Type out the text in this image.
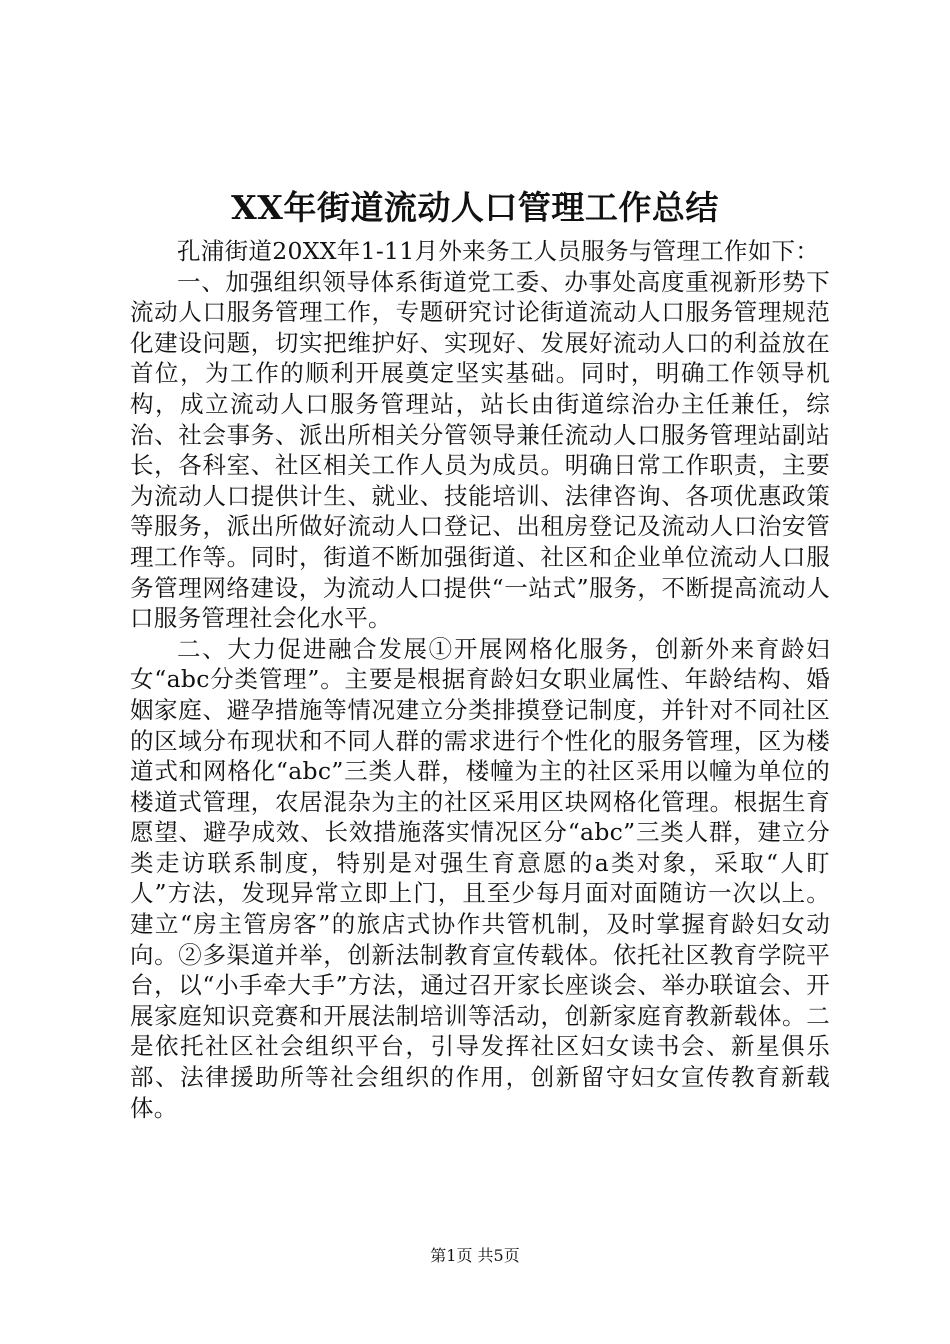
XX年街道流动人口管理工作总结

孔浦街道20XX年1-11月外来务工人员服务与管理工作如下：

一、加强组织领导体系街道党工委、办事处高度重视新形势下流动人口服务管理工作，专题研究讨论街道流动人口服务管理规范化建设问题，切实把维护好、实现好、发展好流动人口的利益放在首位，为工作的顺利开展奠定坚实基础。同时，明确工作领导机构，成立流动人口服务管理站，站长由街道综治办主任兼任，综治、社会事务、派出所相关分管领导兼任流动人口服务管理站副站长，各科室、社区相关工作人员为成员。明确日常工作职责，主要为流动人口提供计生、就业、技能培训、法律咨询、各项优惠政策等服务，派出所做好流动人口登记、出租房登记及流动人口治安管理工作等。同时，街道不断加强街道、社区和企业单位流动人口服务管理网络建设，为流动人口提供“一站式”服务，不断提高流动人口服务管理社会化水平。

二、大力促进融合发展①开展网格化服务，创新外来育龄妇女“abc分类管理”。主要是根据育龄妇女职业属性、年龄结构、婚姻家庭、避孕措施等情况建立分类排摸登记制度，并针对不同社区的区域分布现状和不同人群的需求进行个性化的服务管理，区为楼道式和网格化“abc”三类人群，楼幢为主的社区采用以幢为单位的楼道式管理，农居混杂为主的社区采用区块网格化管理。根据生育愿望、避孕成效、长效措施落实情况区分“abc”三类人群，建立分类走访联系制度，特别是对强生育意愿的a类对象，采取“人盯人”方法，发现异常立即上门，且至少每月面对面随访一次以上。建立“房主管房客”的旅店式协作共管机制，及时掌握育龄妇女动向。②多渠道并举，创新法制教育宣传载体。依托社区教育学院平台，以“小手牵大手”方法，通过召开家长座谈会、举办联谊会、开展家庭知识竞赛和开展法制培训等活动，创新家庭育教新载体。二是依托社区社会组织平台，引导发挥社区妇女读书会、新星俱乐部、法律援助所等社会组织的作用，创新留守妇女宣传教育新载体。

第1页 共5页
